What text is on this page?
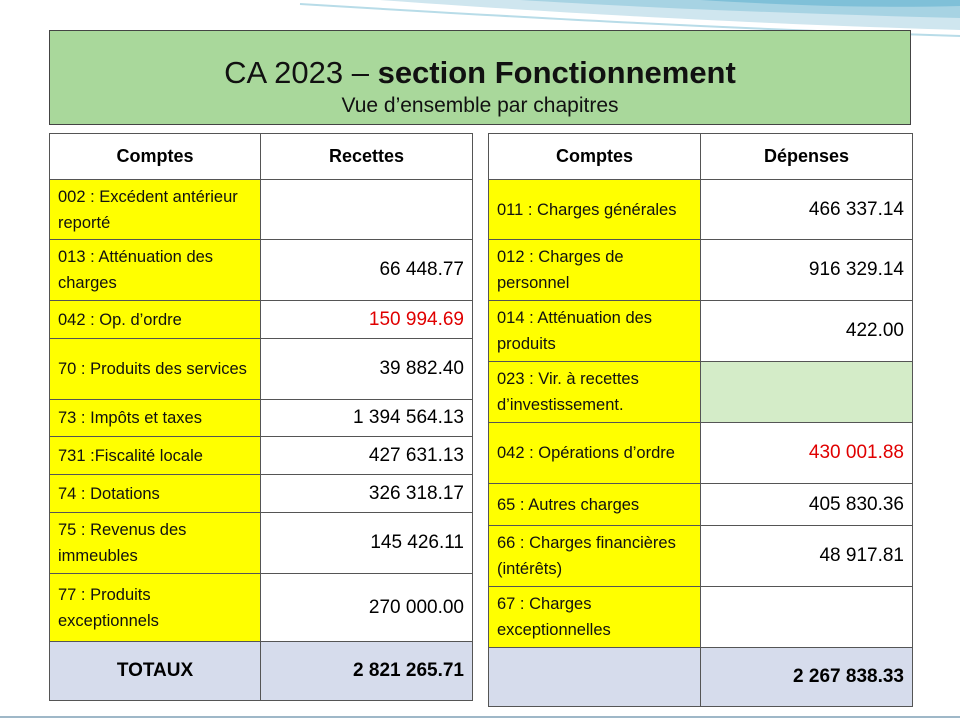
CA 2023 – section Fonctionnement
Vue d’ensemble par chapitres
Comptes	Recettes
002 : Excédent antérieur reporté	
013 : Atténuation des charges	66 448.77
042 : Op. d’ordre	150 994.69
70 : Produits des services	39 882.40
73 : Impôts et taxes	1 394 564.13
731 :Fiscalité locale	427 631.13
74 : Dotations	326 318.17
75 : Revenus des immeubles	145 426.11
77 : Produits exceptionnels	270 000.00
TOTAUX	2 821 265.71
Comptes	Dépenses
011 : Charges générales	466 337.14
012 : Charges de personnel	916 329.14
014 : Atténuation des produits	422.00
023 : Vir. à recettes d’investissement.	
042 : Opérations d’ordre	430 001.88
65 : Autres charges	405 830.36
66 : Charges financières (intérêts)	48 917.81
67 : Charges exceptionnelles	
	2 267 838.33
